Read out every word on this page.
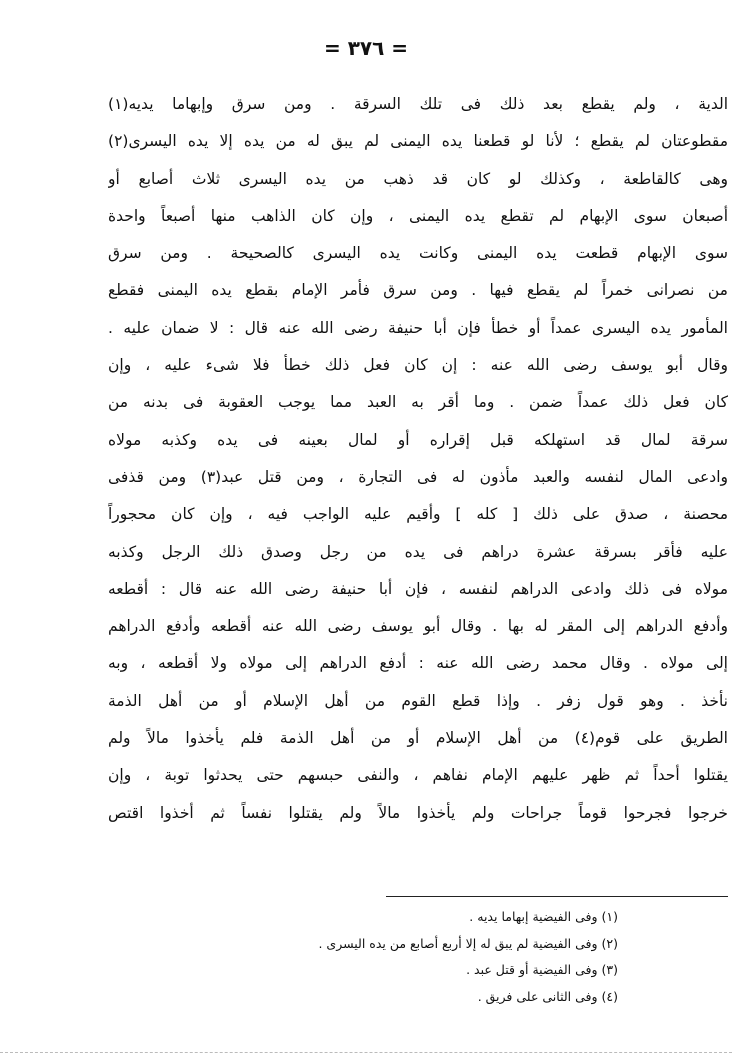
= ٣٧٦ =
الدية ، ولم يقطع بعد ذلك فى تلك السرقة . ومن سرق وإبهاما يديه(١)
مقطوعتان لم يقطع ؛ لأنا لو قطعنا يده اليمنى لم يبق له من يده إلا يده اليسرى(٢)
وهى كالقاطعة ، وكذلك لو كان قد ذهب من يده اليسرى ثلاث أصابع أو
أصبعان سوى الإبهام لم تقطع يده اليمنى ، وإن كان الذاهب منها أصبعاً واحدة
سوى الإبهام قطعت يده اليمنى وكانت يده اليسرى كالصحيحة . ومن سرق
من نصرانى خمراً لم يقطع فيها . ومن سرق فأمر الإمام بقطع يده اليمنى فقطع
المأمور يده اليسرى عمداً أو خطأ فإن أبا حنيفة رضى الله عنه قال : لا ضمان عليه .
وقال أبو يوسف رضى الله عنه : إن كان فعل ذلك خطأ فلا شىء عليه ، وإن
كان فعل ذلك عمداً ضمن . وما أقر به العبد مما يوجب العقوبة فى بدنه من
سرقة لمال قد استهلكه قبل إقراره أو لمال بعينه فى يده وكذبه مولاه
وادعى المال لنفسه والعبد مأذون له فى التجارة ، ومن قتل عبد(٣) ومن قذفى
محصنة ، صدق على ذلك [ كله ] وأقيم عليه الواجب فيه ، وإن كان محجوراً
عليه فأقر بسرقة عشرة دراهم فى يده من رجل وصدق ذلك الرجل وكذبه
مولاه فى ذلك وادعى الدراهم لنفسه ، فإن أبا حنيفة رضى الله عنه قال : أقطعه
وأدفع الدراهم إلى المقر له بها . وقال أبو يوسف رضى الله عنه أقطعه وأدفع الدراهم
إلى مولاه . وقال محمد رضى الله عنه : أدفع الدراهم إلى مولاه ولا أقطعه ، وبه
نأخذ . وهو قول زفر . وإذا قطع القوم من أهل الإسلام أو من أهل الذمة
الطريق على قوم(٤) من أهل الإسلام أو من أهل الذمة فلم يأخذوا مالاً ولم
يقتلوا أحداً ثم ظهر عليهم الإمام نفاهم ، والنفى حبسهم حتى يحدثوا توبة ، وإن
خرجوا فجرحوا قوماً جراحات ولم يأخذوا مالاً ولم يقتلوا نفساً ثم أخذوا اقتص
(١) وفى الفيضية إبهاما يديه .
(٢) وفى الفيضية لم يبق له إلا أربع أصابع من يده اليسرى .
(٣) وفى الفيضية أو قتل عبد .
(٤) وفى الثانى على فريق .
